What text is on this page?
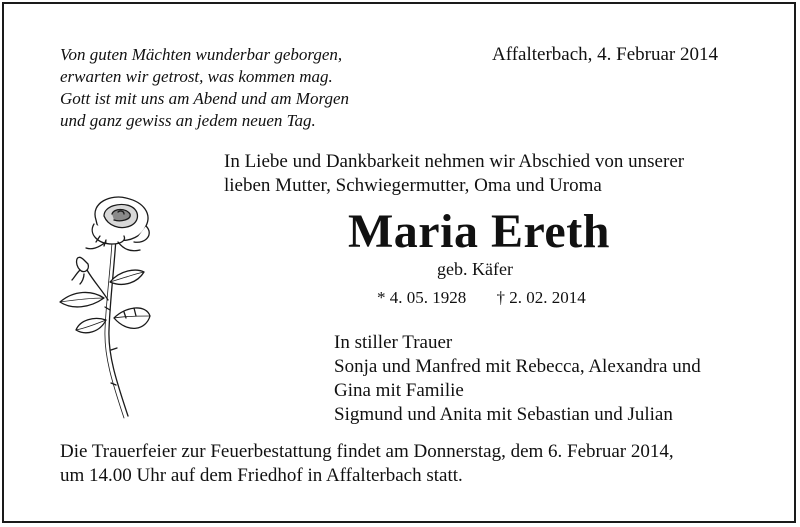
Von guten Mächten wunderbar geborgen,
erwarten wir getrost, was kommen mag.
Gott ist mit uns am Abend und am Morgen
und ganz gewiss an jedem neuen Tag.
Affalterbach, 4. Februar 2014
In Liebe und Dankbarkeit nehmen wir Abschied von unserer
lieben Mutter, Schwiegermutter, Oma und Uroma
Maria Ereth
geb. Käfer
* 4. 05. 1928 † 2. 02. 2014
In stiller Trauer
Sonja und Manfred mit Rebecca, Alexandra und
Gina mit Familie
Sigmund und Anita mit Sebastian und Julian
Die Trauerfeier zur Feuerbestattung findet am Donnerstag, dem 6. Februar 2014,
um 14.00 Uhr auf dem Friedhof in Affalterbach statt.
